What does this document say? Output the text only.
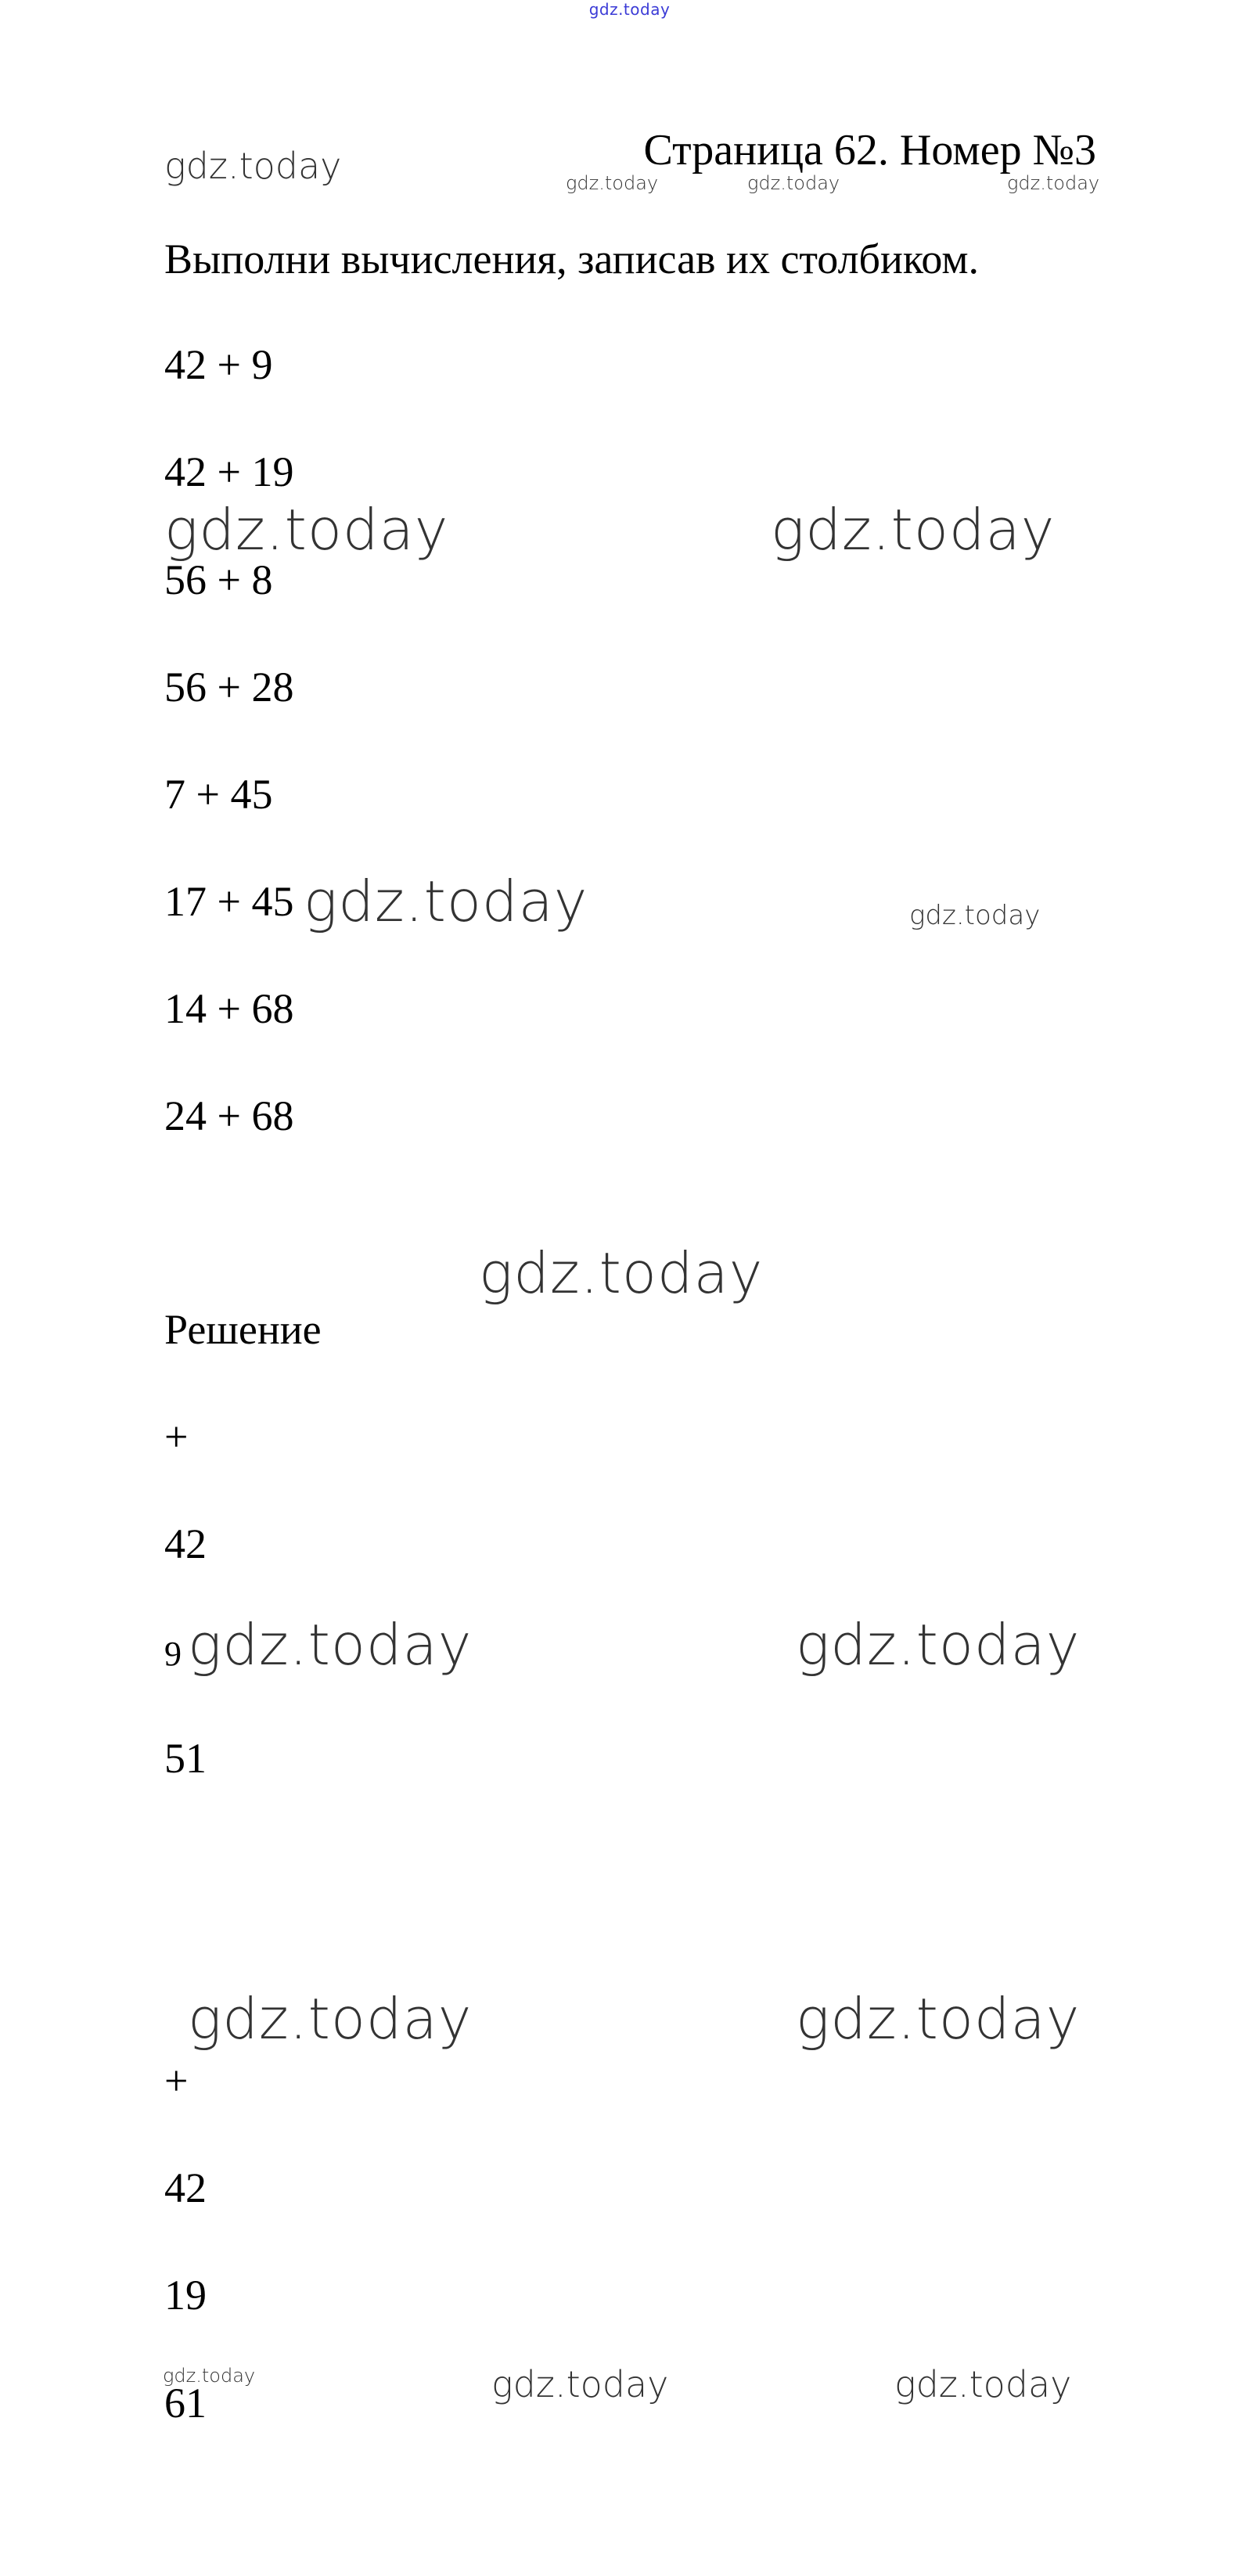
gdz.today
Страница 62. Номер №3
Выполни вычисления, записав их столбиком.
42 + 9
42 + 19
56 + 8
56 + 28
7 + 45
17 + 45
14 + 68
24 + 68
Решение
+
42
9
51
+
42
19
61
gdz.today	gdz.today	gdz.today	gdz.today
gdz.today	gdz.today
gdz.today	gdz.today
gdz.today
gdz.today	gdz.today
gdz.today	gdz.today
gdz.today	gdz.today	gdz.today
